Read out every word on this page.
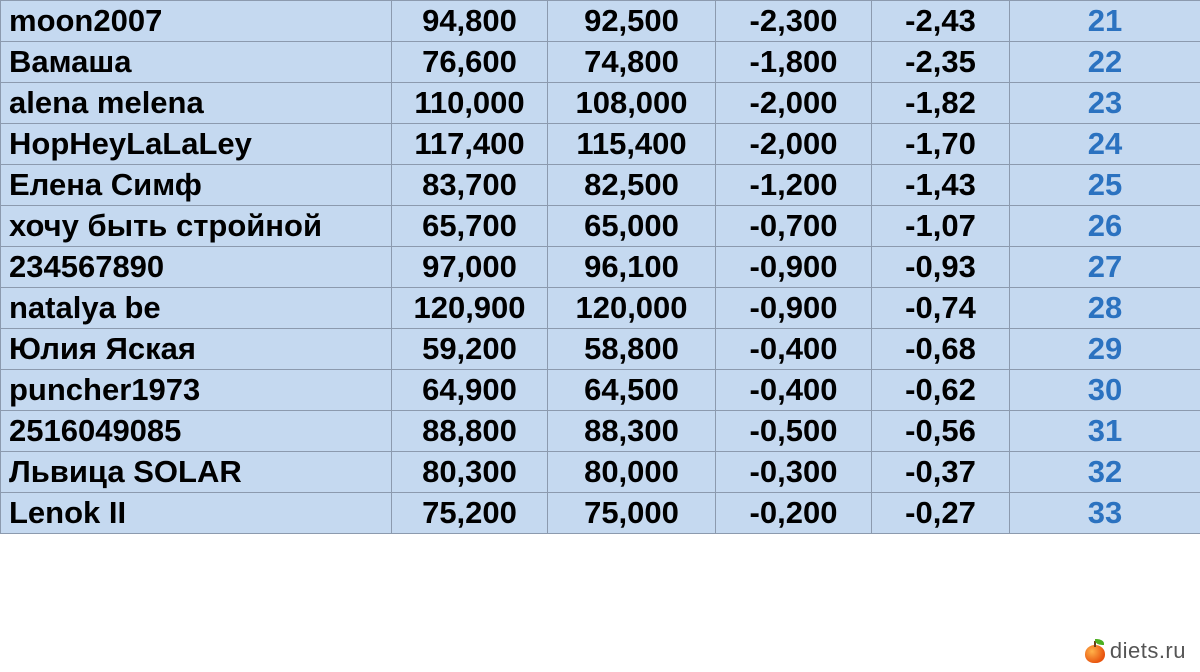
moon2007	94,800	92,500	-2,300	-2,43	21
Вамаша	76,600	74,800	-1,800	-2,35	22
alena melena	110,000	108,000	-2,000	-1,82	23
HopHeyLaLaLey	117,400	115,400	-2,000	-1,70	24
Елена Симф	83,700	82,500	-1,200	-1,43	25
хочу быть стройной	65,700	65,000	-0,700	-1,07	26
234567890	97,000	96,100	-0,900	-0,93	27
natalya be	120,900	120,000	-0,900	-0,74	28
Юлия Яская	59,200	58,800	-0,400	-0,68	29
puncher1973	64,900	64,500	-0,400	-0,62	30
2516049085	88,800	88,300	-0,500	-0,56	31
Львица SOLAR	80,300	80,000	-0,300	-0,37	32
Lenok II	75,200	75,000	-0,200	-0,27	33
diets.ru
